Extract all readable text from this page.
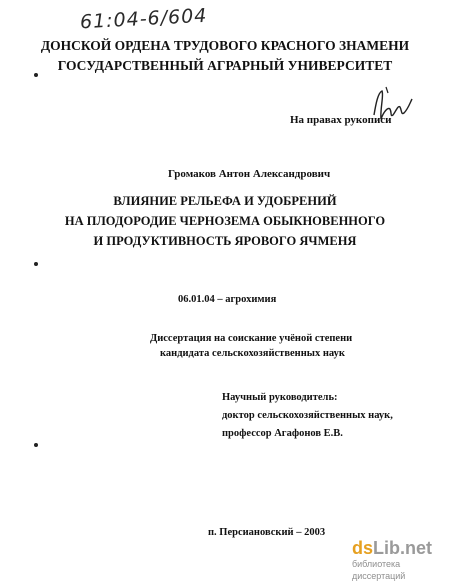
61:04-6/604
ДОНСКОЙ ОРДЕНА ТРУДОВОГО КРАСНОГО ЗНАМЕНИ
ГОСУДАРСТВЕННЫЙ АГРАРНЫЙ УНИВЕРСИТЕТ
На правах рукописи
Громаков Антон Александрович
ВЛИЯНИЕ РЕЛЬЕФА И УДОБРЕНИЙ
НА ПЛОДОРОДИЕ ЧЕРНОЗЕМА ОБЫКНОВЕННОГО
И ПРОДУКТИВНОСТЬ ЯРОВОГО ЯЧМЕНЯ
06.01.04 – агрохимия
Диссертация на соискание учёной степени
кандидата сельскохозяйственных наук
Научный руководитель:
доктор сельскохозяйственных наук,
профессор Агафонов Е.В.
п. Персиановский – 2003
dsLib.net
библиотека диссертаций
